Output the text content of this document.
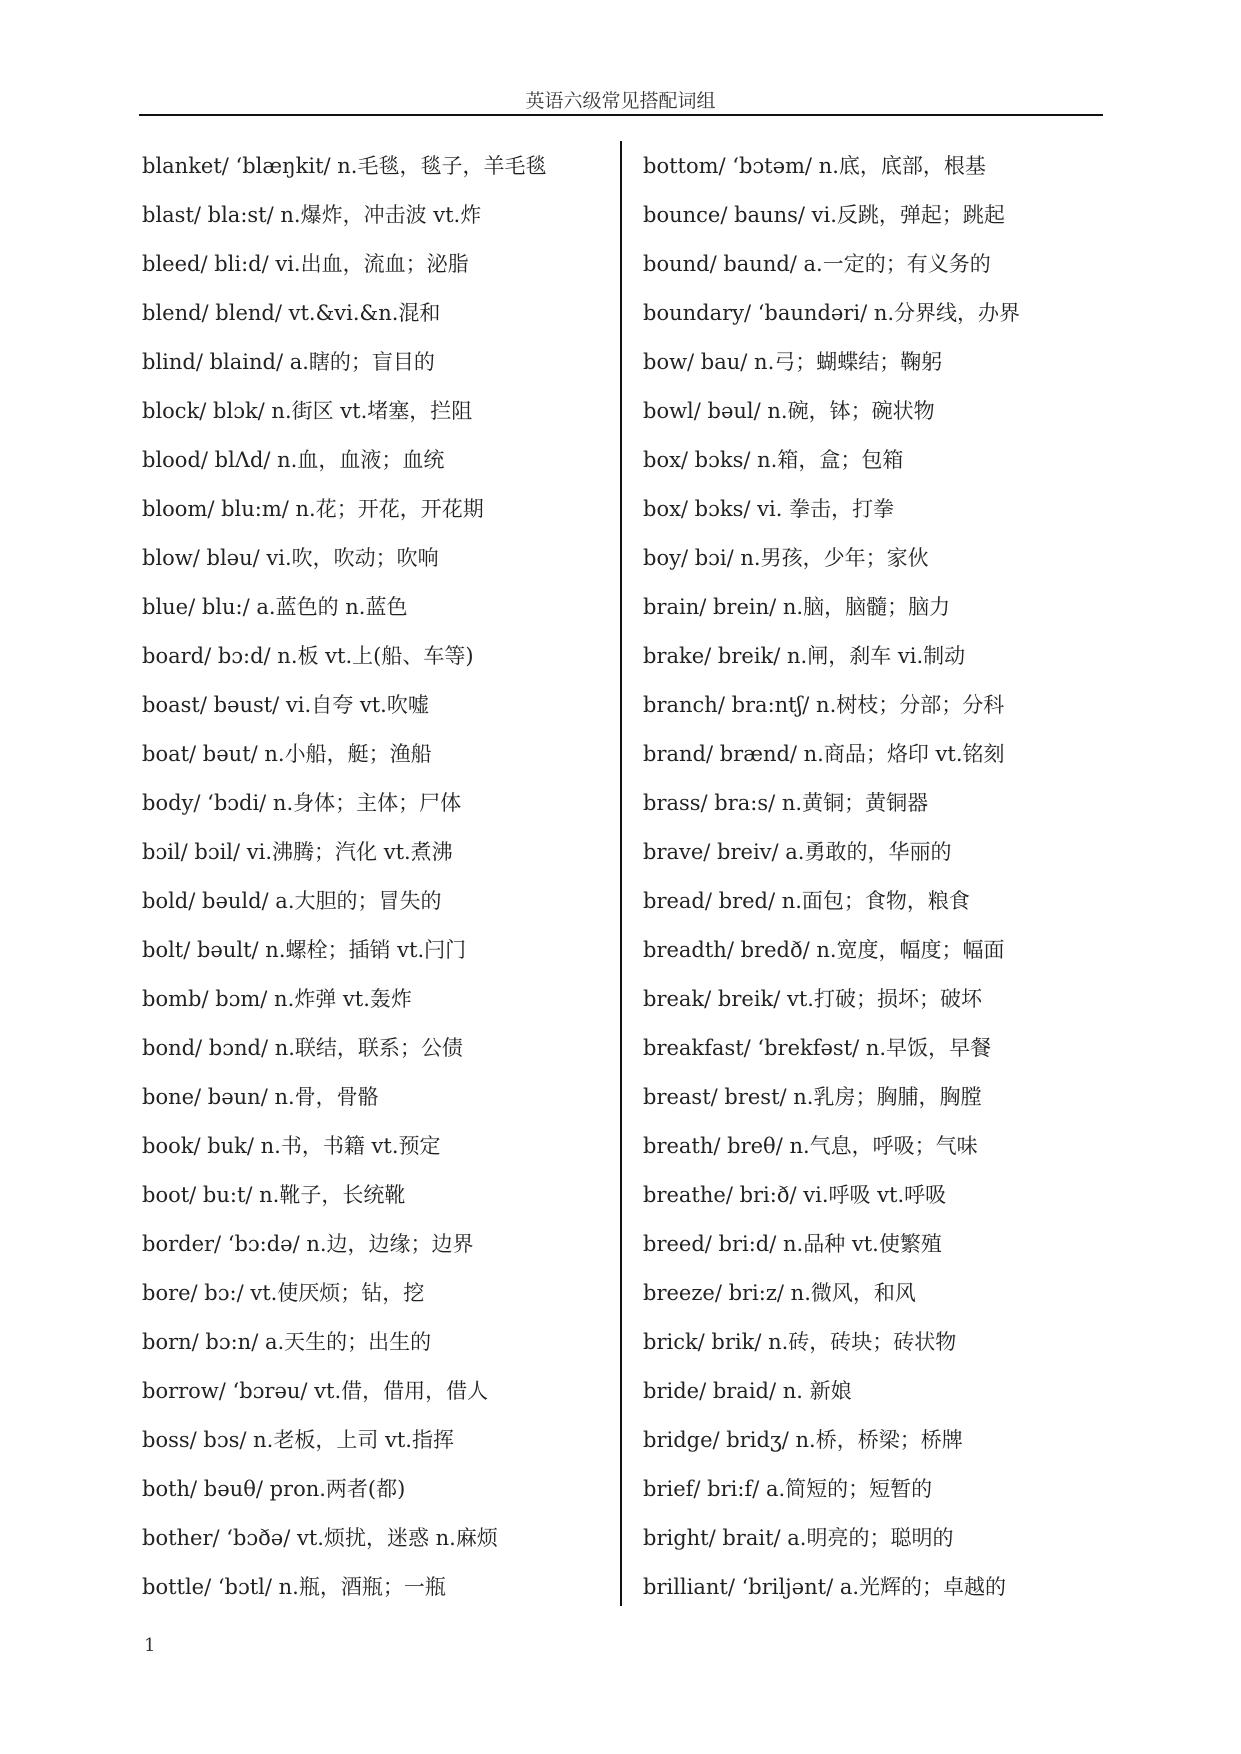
英语六级常见搭配词组
blanket/ ‘blæŋkit/ n.毛毯，毯子，羊毛毯
blast/ bla:st/ n.爆炸，冲击波 vt.炸
bleed/ bli:d/ vi.出血，流血；泌脂
blend/ blend/ vt.&vi.&n.混和
blind/ blaind/ a.瞎的；盲目的
block/ blɔk/ n.街区 vt.堵塞，拦阻
blood/ blΛd/ n.血，血液；血统
bloom/ blu:m/ n.花；开花，开花期
blow/ bləu/ vi.吹，吹动；吹响
blue/ blu:/ a.蓝色的 n.蓝色
board/ bɔ:d/ n.板 vt.上(船、车等)
boast/ bəust/ vi.自夸 vt.吹嘘
boat/ bəut/ n.小船，艇；渔船
body/ ‘bɔdi/ n.身体；主体；尸体
bɔil/ bɔil/ vi.沸腾；汽化 vt.煮沸
bold/ bəuld/ a.大胆的；冒失的
bolt/ bəult/ n.螺栓；插销 vt.闩门
bomb/ bɔm/ n.炸弹 vt.轰炸
bond/ bɔnd/ n.联结，联系；公债
bone/ bəun/ n.骨，骨骼
book/ buk/ n.书，书籍 vt.预定
boot/ bu:t/ n.靴子，长统靴
border/ ‘bɔ:də/ n.边，边缘；边界
bore/ bɔ:/ vt.使厌烦；钻，挖
born/ bɔ:n/ a.天生的；出生的
borrow/ ‘bɔrəu/ vt.借，借用，借人
boss/ bɔs/ n.老板，上司 vt.指挥
both/ bəuθ/ pron.两者(都)
bother/ ‘bɔðə/ vt.烦扰，迷惑 n.麻烦
bottle/ ‘bɔtl/ n.瓶，酒瓶；一瓶
bottom/ ‘bɔtəm/ n.底，底部，根基
bounce/ bauns/ vi.反跳，弹起；跳起
bound/ baund/ a.一定的；有义务的
boundary/ ‘baundəri/ n.分界线，办界
bow/ bau/ n.弓；蝴蝶结；鞠躬
bowl/ bəul/ n.碗，钵；碗状物
box/ bɔks/ n.箱，盒；包箱
box/ bɔks/ vi. 拳击，打拳
boy/ bɔi/ n.男孩，少年；家伙
brain/ brein/ n.脑，脑髓；脑力
brake/ breik/ n.闸，刹车 vi.制动
branch/ bra:ntʃ/ n.树枝；分部；分科
brand/ brænd/ n.商品；烙印 vt.铭刻
brass/ bra:s/ n.黄铜；黄铜器
brave/ breiv/ a.勇敢的，华丽的
bread/ bred/ n.面包；食物，粮食
breadth/ bredð/ n.宽度，幅度；幅面
break/ breik/ vt.打破；损坏；破坏
breakfast/ ‘brekfəst/ n.早饭，早餐
breast/ brest/ n.乳房；胸脯，胸膛
breath/ breθ/ n.气息，呼吸；气味
breathe/ bri:ð/ vi.呼吸 vt.呼吸
breed/ bri:d/ n.品种 vt.使繁殖
breeze/ bri:z/ n.微风，和风
brick/ brik/ n.砖，砖块；砖状物
bride/ braid/ n. 新娘
bridge/ bridʒ/ n.桥，桥梁；桥牌
brief/ bri:f/ a.简短的；短暂的
bright/ brait/ a.明亮的；聪明的
brilliant/ ‘briljənt/ a.光辉的；卓越的
1
